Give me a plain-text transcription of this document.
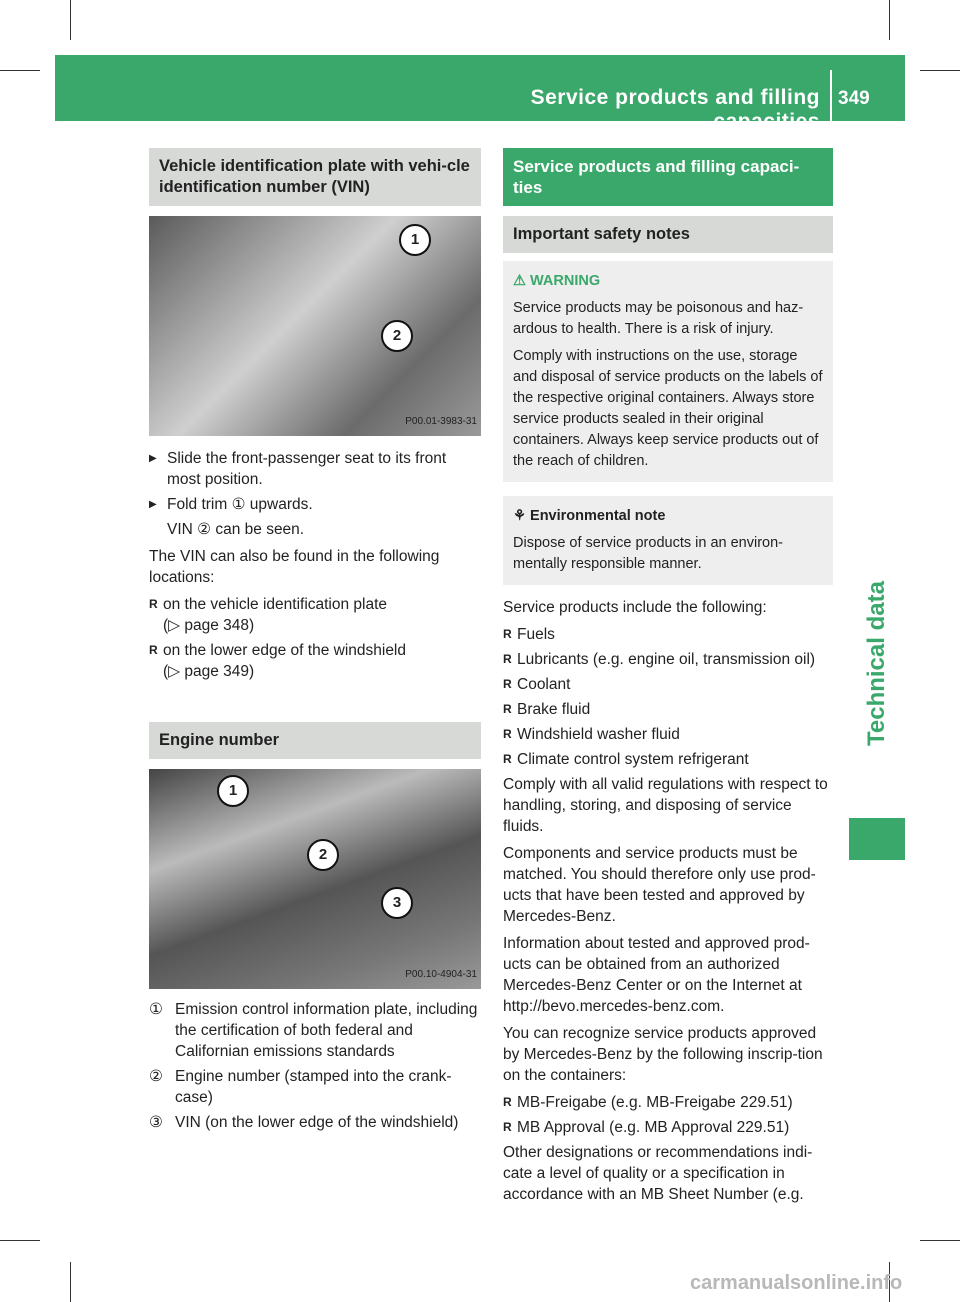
Service products and filling capacities
349
Technical data
Vehicle identification plate with vehi-cle identification number (VIN)
1
2
P00.01-3983-31
▶ Slide the front-passenger seat to its front most position.
▶ Fold trim ① upwards.
VIN ② can be seen.

The VIN can also be found in the following locations:

R on the vehicle identification plate
(▷ page 348)
R on the lower edge of the windshield
(▷ page 349)
Engine number
1
2
3
P00.10-4904-31
① Emission control information plate, including the certification of both federal and Californian emissions standards
② Engine number (stamped into the crank-case)
③ VIN (on the lower edge of the windshield)
Service products and filling capaci-ties
Important safety notes
⚠ WARNING

Service products may be poisonous and haz-ardous to health. There is a risk of injury.

Comply with instructions on the use, storage and disposal of service products on the labels of the respective original containers. Always store service products sealed in their original containers. Always keep service products out of the reach of children.

⚘ Environmental note

Dispose of service products in an environ-mentally responsible manner.

Service products include the following:

R Fuels
R Lubricants (e.g. engine oil, transmission oil)
R Coolant
R Brake fluid
R Windshield washer fluid
R Climate control system refrigerant

Comply with all valid regulations with respect to handling, storing, and disposing of service fluids.

Components and service products must be matched. You should therefore only use prod-ucts that have been tested and approved by Mercedes-Benz.

Information about tested and approved prod-ucts can be obtained from an authorized Mercedes-Benz Center or on the Internet at http://bevo.mercedes-benz.com.

You can recognize service products approved by Mercedes-Benz by the following inscrip-tion on the containers:

R MB-Freigabe (e.g. MB-Freigabe 229.51)
R MB Approval (e.g. MB Approval 229.51)

Other designations or recommendations indi-cate a level of quality or a specification in accordance with an MB Sheet Number (e.g.

carmanualsonline.info
